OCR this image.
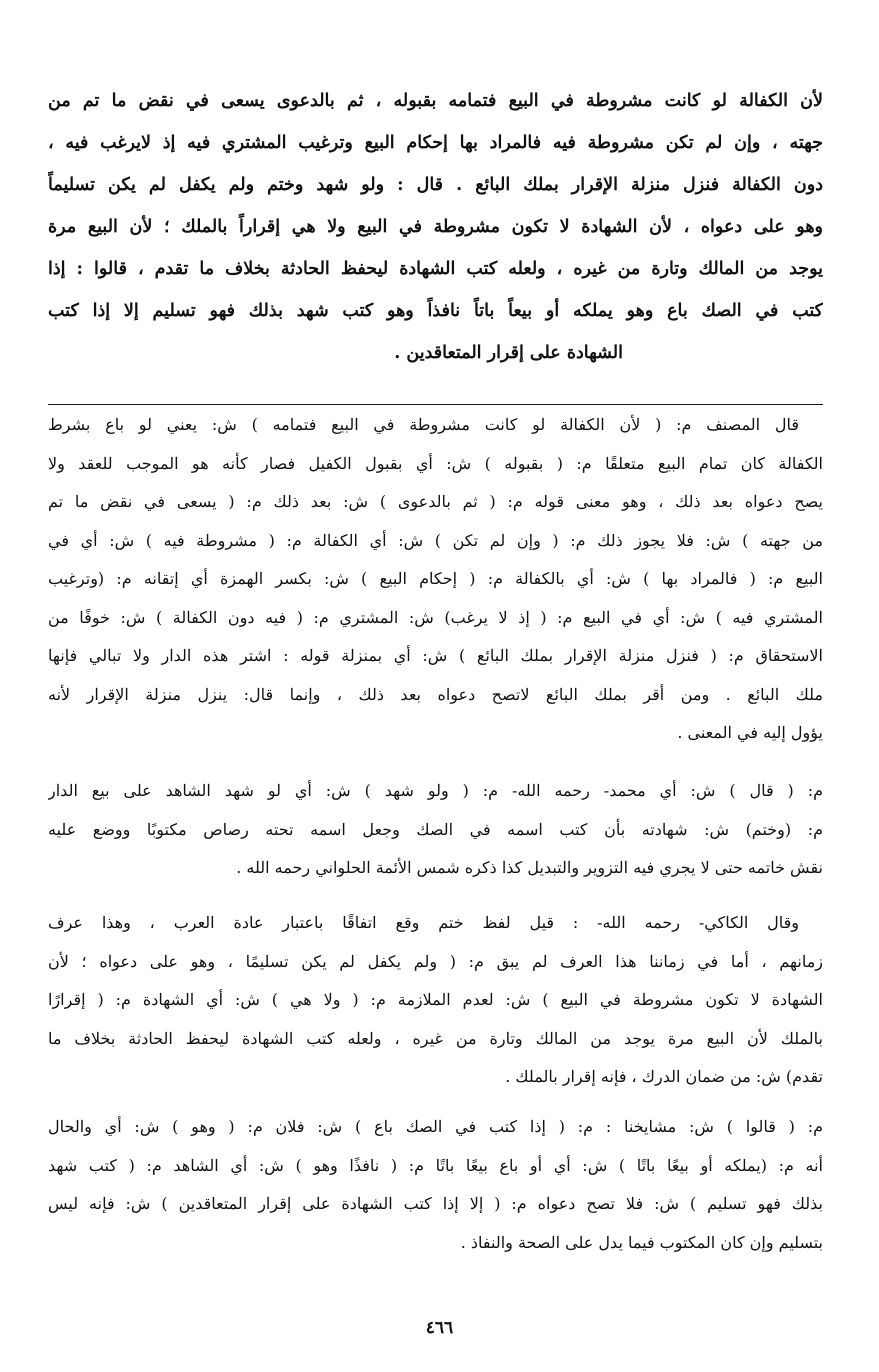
لأن الكفالة لو كانت مشروطة في البيع فتمامه بقبوله ، ثم بالدعوى يسعى في نقض ما تم من
جهته ، وإن لم تكن مشروطة فيه فالمراد بها إحكام البيع وترغيب المشتري فيه إذ لايرغب فيه ،
دون الكفالة فنزل منزلة الإقرار بملك البائع . قال : ولو شهد وختم ولم يكفل لم يكن تسليماً
وهو على دعواه ، لأن الشهادة لا تكون مشروطة في البيع ولا هي إقراراً بالملك ؛ لأن البيع مرة
يوجد من المالك وتارة من غيره ، ولعله كتب الشهادة ليحفظ الحادثة بخلاف ما تقدم ، قالوا : إذا
كتب في الصك باع وهو يملكه أو بيعاً باتاً نافذاً وهو كتب شهد بذلك فهو تسليم إلا إذا كتب
الشهادة على إقرار المتعاقدين .
قال المصنف م: ( لأن الكفالة لو كانت مشروطة في البيع فتمامه ) ش: يعني لو باع بشرط
الكفالة كان تمام البيع متعلقًا م: ( بقبوله ) ش: أي بقبول الكفيل فصار كأنه هو الموجب للعقد ولا
يصح دعواه بعد ذلك ، وهو معنى قوله م: ( ثم بالدعوى ) ش: بعد ذلك م: ( يسعى في نقض ما تم
من جهته ) ش: فلا يجوز ذلك م: ( وإن لم تكن ) ش: أي الكفالة م: ( مشروطة فيه ) ش: أي في
البيع م: ( فالمراد بها ) ش: أي بالكفالة م: ( إحكام البيع ) ش: بكسر الهمزة أي إتقانه م: (وترغيب
المشتري فيه ) ش: أي في البيع م: ( إذ لا يرغب) ش: المشتري م: ( فيه دون الكفالة ) ش: خوفًا من
الاستحقاق م: ( فنزل منزلة الإقرار بملك البائع ) ش: أي بمنزلة قوله : اشتر هذه الدار ولا تبالي فإنها
ملك البائع . ومن أقر بملك البائع لاتصح دعواه بعد ذلك ، وإنما قال: ينزل منزلة الإقرار لأنه
يؤول إليه في المعنى .
م: ( قال ) ش: أي محمد- رحمه الله- م: ( ولو شهد ) ش: أي لو شهد الشاهد على بيع الدار
م: (وختم) ش: شهادته بأن كتب اسمه في الصك وجعل اسمه تحته رصاص مكتوبًا ووضع عليه
نقش خاتمه حتى لا يجري فيه التزوير والتبديل كذا ذكره شمس الأئمة الحلواني رحمه الله .
وقال الكاكي- رحمه الله- : قيل لفظ ختم وقع اتفاقًا باعتبار عادة العرب ، وهذا عرف
زمانهم ، أما في زماننا هذا العرف لم يبق م: ( ولم يكفل لم يكن تسليمًا ، وهو على دعواه ؛ لأن
الشهادة لا تكون مشروطة في البيع ) ش: لعدم الملازمة م: ( ولا هي ) ش: أي الشهادة م: ( إقرارًا
بالملك لأن البيع مرة يوجد من المالك وتارة من غيره ، ولعله كتب الشهادة ليحفظ الحادثة بخلاف ما
تقدم) ش: من ضمان الدرك ، فإنه إقرار بالملك .
م: ( قالوا ) ش: مشايخنا : م: ( إذا كتب في الصك باع ) ش: فلان م: ( وهو ) ش: أي والحال
أنه م: (يملكه أو بيعًا باتًا ) ش: أي أو باع بيعًا باتًا م: ( نافذًا وهو ) ش: أي الشاهد م: ( كتب شهد
بذلك فهو تسليم ) ش: فلا تصح دعواه م: ( إلا إذا كتب الشهادة على إقرار المتعاقدين ) ش: فإنه ليس
بتسليم وإن كان المكتوب فيما يدل على الصحة والنفاذ .
٤٦٦
